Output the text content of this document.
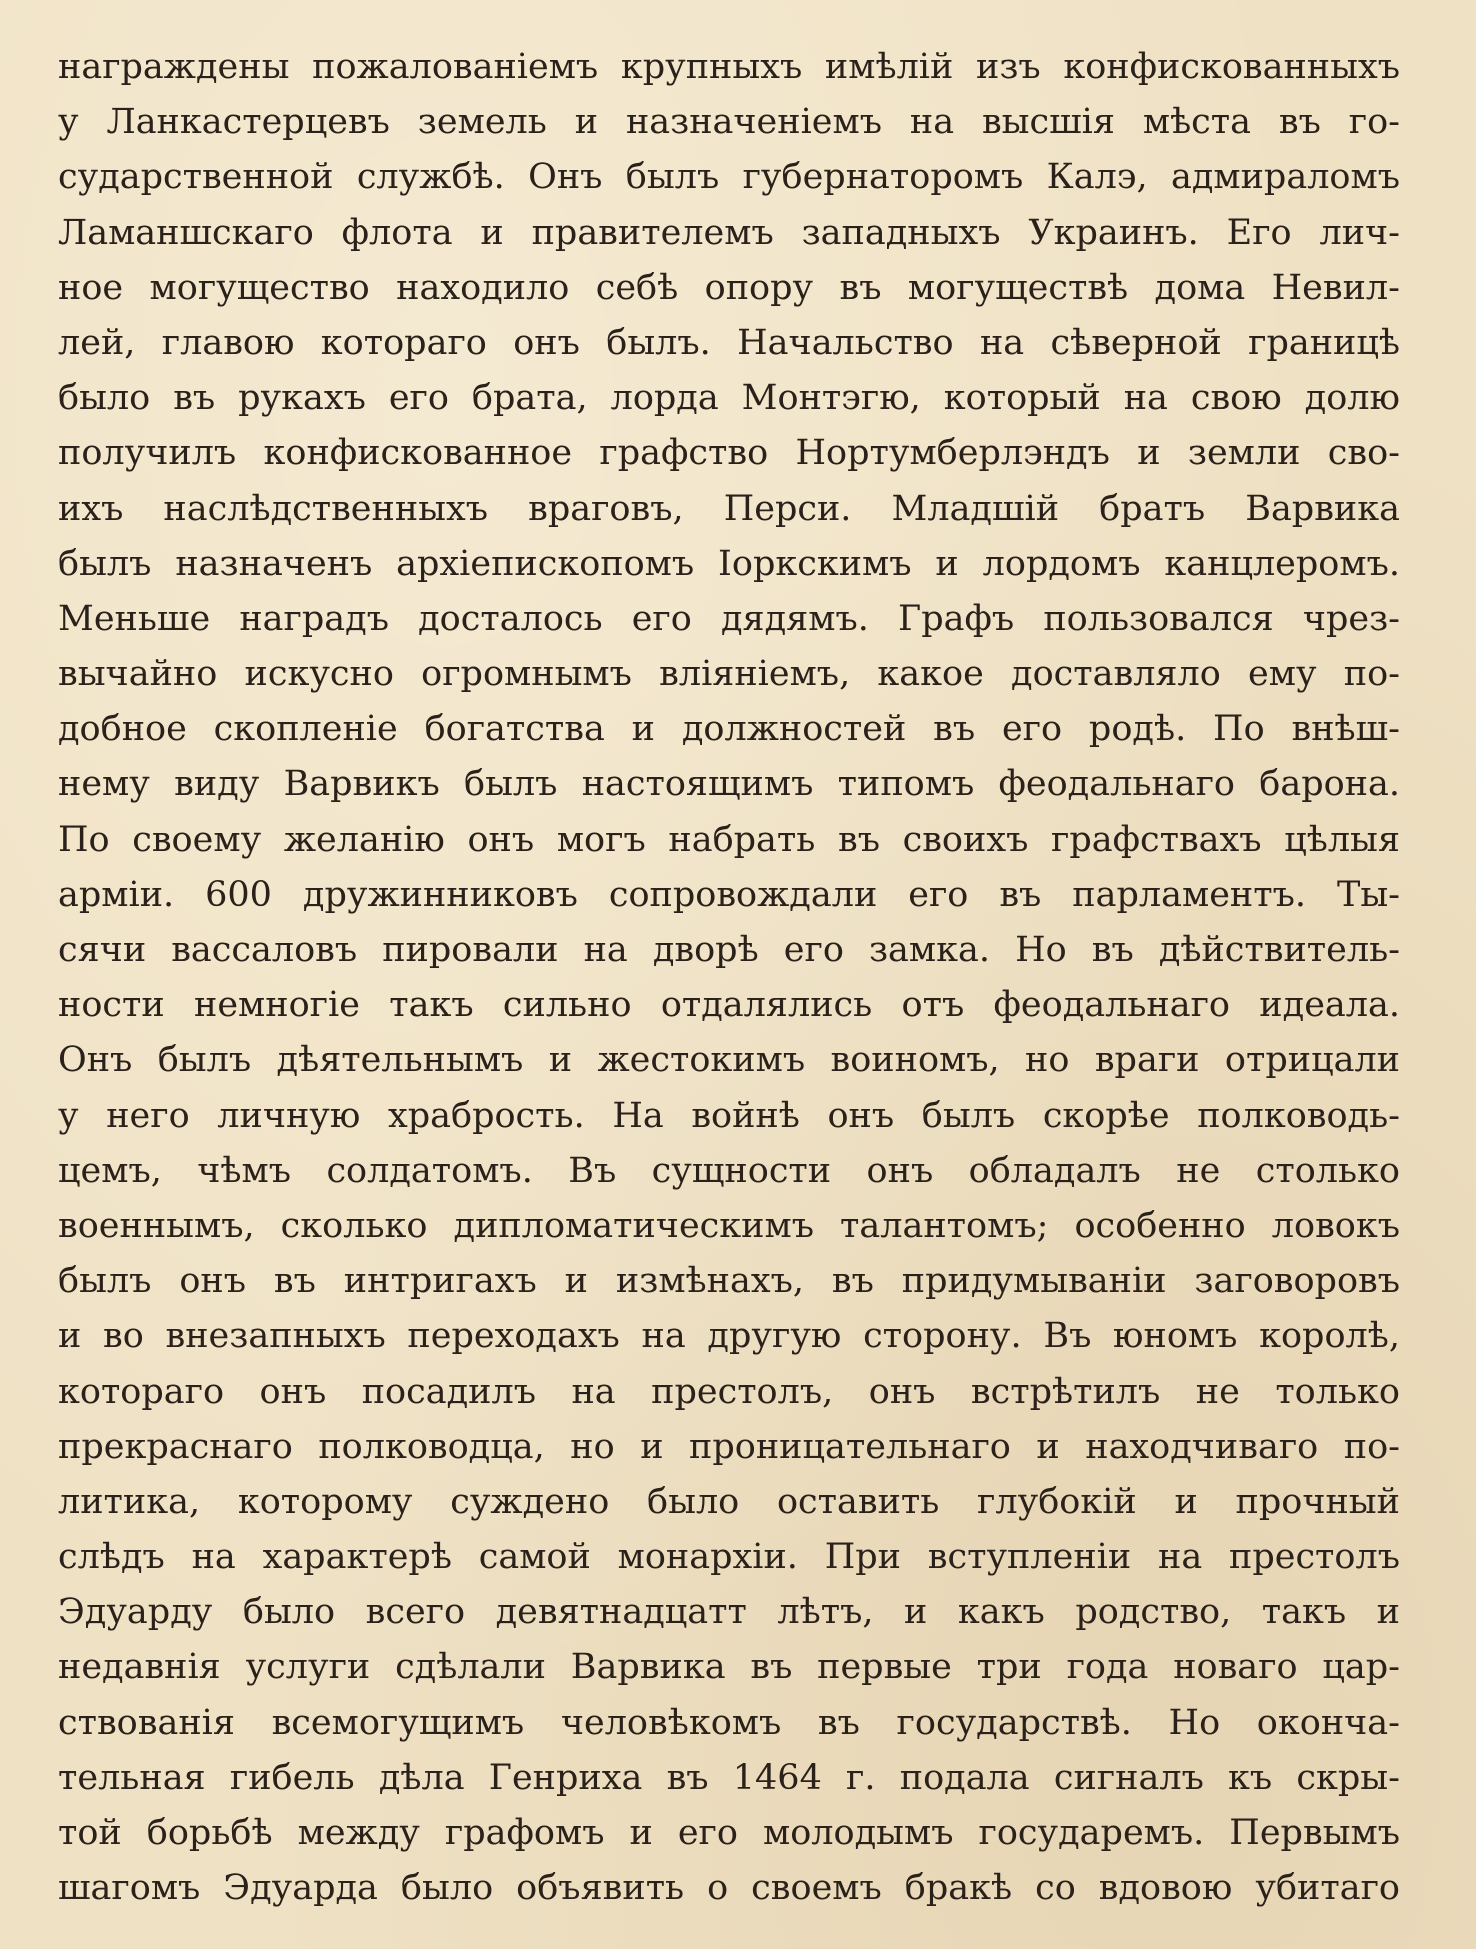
награждены пожалованіемъ крупныхъ имѣлій изъ конфискованныхъ
у Ланкастерцевъ земель и назначеніемъ на высшія мѣста въ го-
сударственной службѣ. Онъ былъ губернаторомъ Калэ, адмираломъ
Ламаншскаго флота и правителемъ западныхъ Украинъ. Его лич-
ное могущество находило себѣ опору въ могуществѣ дома Невил-
лей, главою котораго онъ былъ. Начальство на сѣверной границѣ
было въ рукахъ его брата, лорда Монтэгю, который на свою долю
получилъ конфискованное графство Нортумберлэндъ и земли сво-
ихъ наслѣдственныхъ враговъ, Перси. Младшій братъ Варвика
былъ назначенъ архіепископомъ Іоркскимъ и лордомъ канцлеромъ.
Меньше наградъ досталось его дядямъ. Графъ пользовался чрез-
вычайно искусно огромнымъ вліяніемъ, какое доставляло ему по-
добное скопленіе богатства и должностей въ его родѣ. По внѣш-
нему виду Варвикъ былъ настоящимъ типомъ феодальнаго барона.
По своему желанію онъ могъ набрать въ своихъ графствахъ цѣлыя
арміи. 600 дружинниковъ сопровождали его въ парламентъ. Ты-
сячи вассаловъ пировали на дворѣ его замка. Но въ дѣйствитель-
ности немногіе такъ сильно отдалялись отъ феодальнаго идеала.
Онъ былъ дѣятельнымъ и жестокимъ воиномъ, но враги отрицали
у него личную храбрость. На войнѣ онъ былъ скорѣе полководь-
цемъ, чѣмъ солдатомъ. Въ сущности онъ обладалъ не столько
военнымъ, сколько дипломатическимъ талантомъ; особенно ловокъ
былъ онъ въ интригахъ и измѣнахъ, въ придумываніи заговоровъ
и во внезапныхъ переходахъ на другую сторону. Въ юномъ королѣ,
котораго онъ посадилъ на престолъ, онъ встрѣтилъ не только
прекраснаго полководца, но и проницательнаго и находчиваго по-
литика, которому суждено было оставить глубокій и прочный
слѣдъ на характерѣ самой монархіи. При вступленіи на престолъ
Эдуарду было всего девятнадцатт лѣтъ, и какъ родство, такъ и
недавнія услуги сдѣлали Варвика въ первые три года новаго цар-
ствованія всемогущимъ человѣкомъ въ государствѣ. Но оконча-
тельная гибель дѣла Генриха въ 1464 г. подала сигналъ къ скры-
той борьбѣ между графомъ и его молодымъ государемъ. Первымъ
шагомъ Эдуарда было объявить о своемъ бракѣ со вдовою убитаго
